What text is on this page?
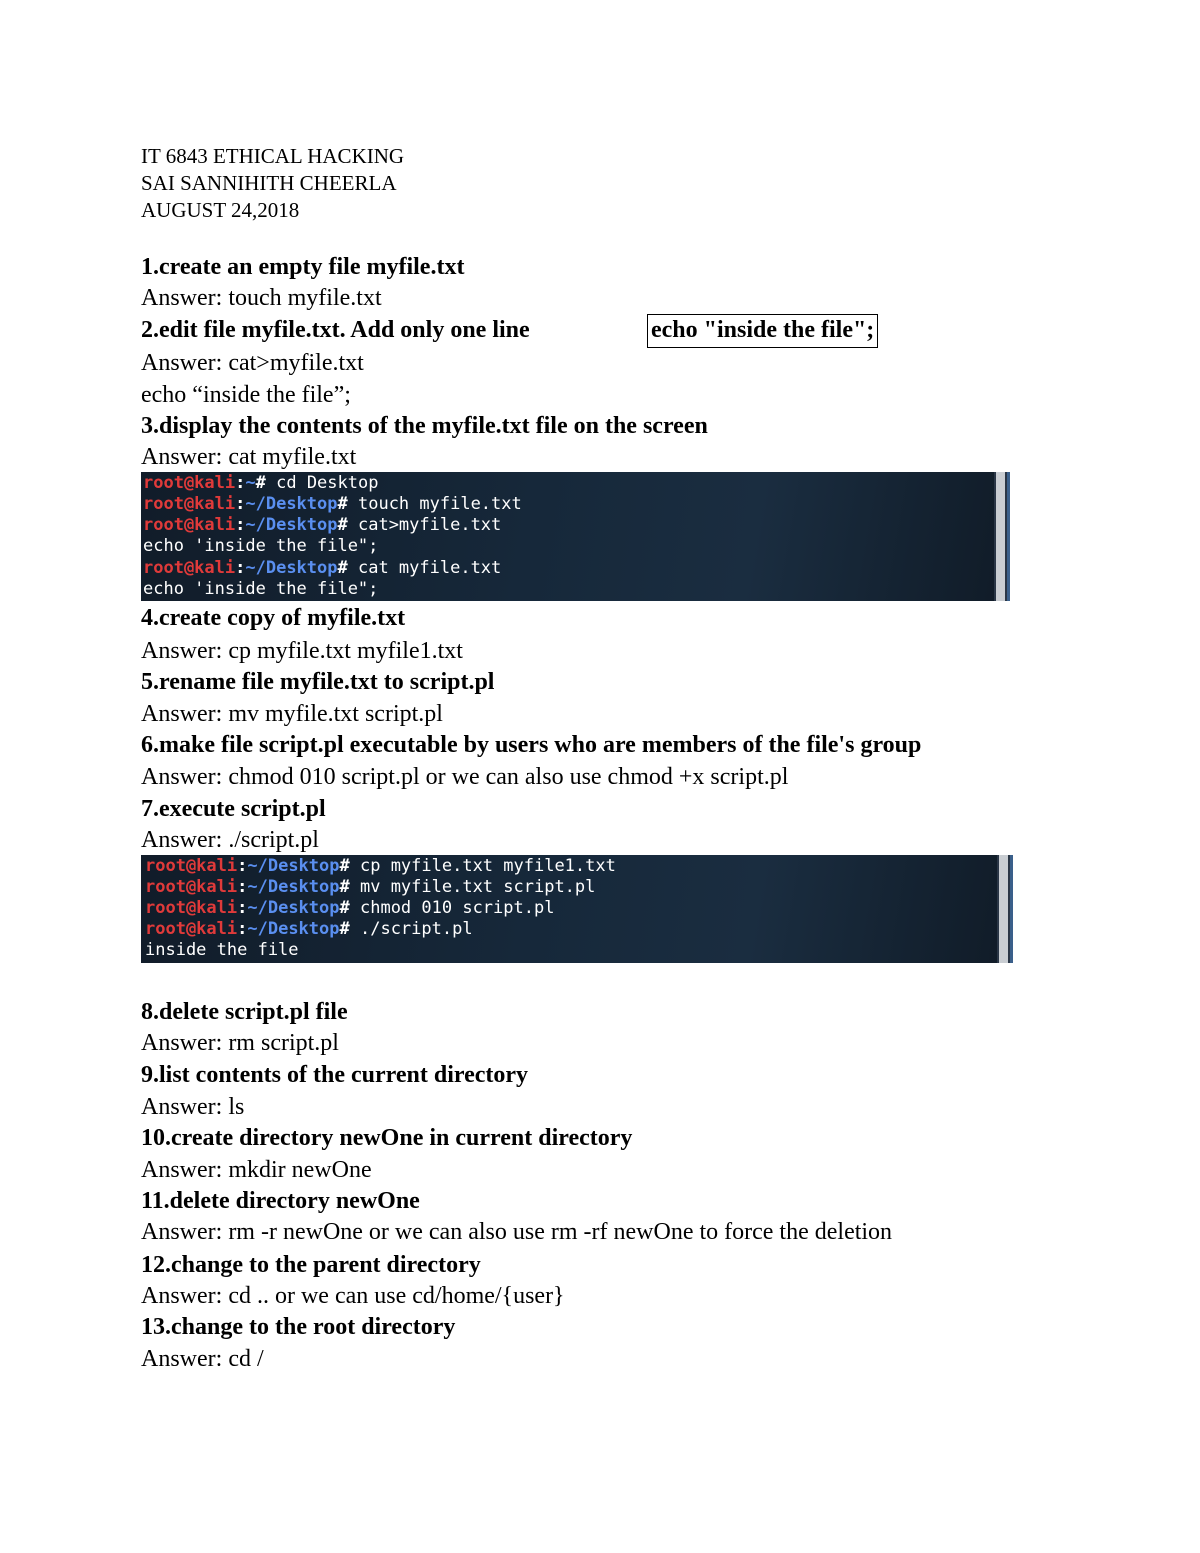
IT 6843 ETHICAL HACKING
SAI SANNIHITH CHEERLA
AUGUST 24,2018
1.create an empty file myfile.txt
Answer: touch myfile.txt
2.edit file myfile.txt. Add only one line	echo "inside the file";
Answer: cat>myfile.txt
echo “inside the file”;
3.display the contents of the myfile.txt file on the screen
Answer: cat myfile.txt
root@kali:~# cd Desktop
root@kali:~/Desktop# touch myfile.txt
root@kali:~/Desktop# cat>myfile.txt
echo 'inside the file";
root@kali:~/Desktop# cat myfile.txt
echo 'inside the file";
4.create copy of myfile.txt
Answer: cp myfile.txt myfile1.txt
5.rename file myfile.txt to script.pl
Answer: mv myfile.txt script.pl
6.make file script.pl executable by users who are members of the file's group
Answer: chmod 010 script.pl or we can also use chmod +x script.pl
7.execute script.pl
Answer: ./script.pl
root@kali:~/Desktop# cp myfile.txt myfile1.txt
root@kali:~/Desktop# mv myfile.txt script.pl
root@kali:~/Desktop# chmod 010 script.pl
root@kali:~/Desktop# ./script.pl
inside the file
8.delete script.pl file
Answer: rm script.pl
9.list contents of the current directory
Answer: ls
10.create directory newOne in current directory
Answer: mkdir newOne
11.delete directory newOne
Answer: rm -r newOne or we can also use rm -rf newOne to force the deletion
12.change to the parent directory
Answer: cd .. or we can use cd/home/{user}
13.change to the root directory
Answer: cd /
